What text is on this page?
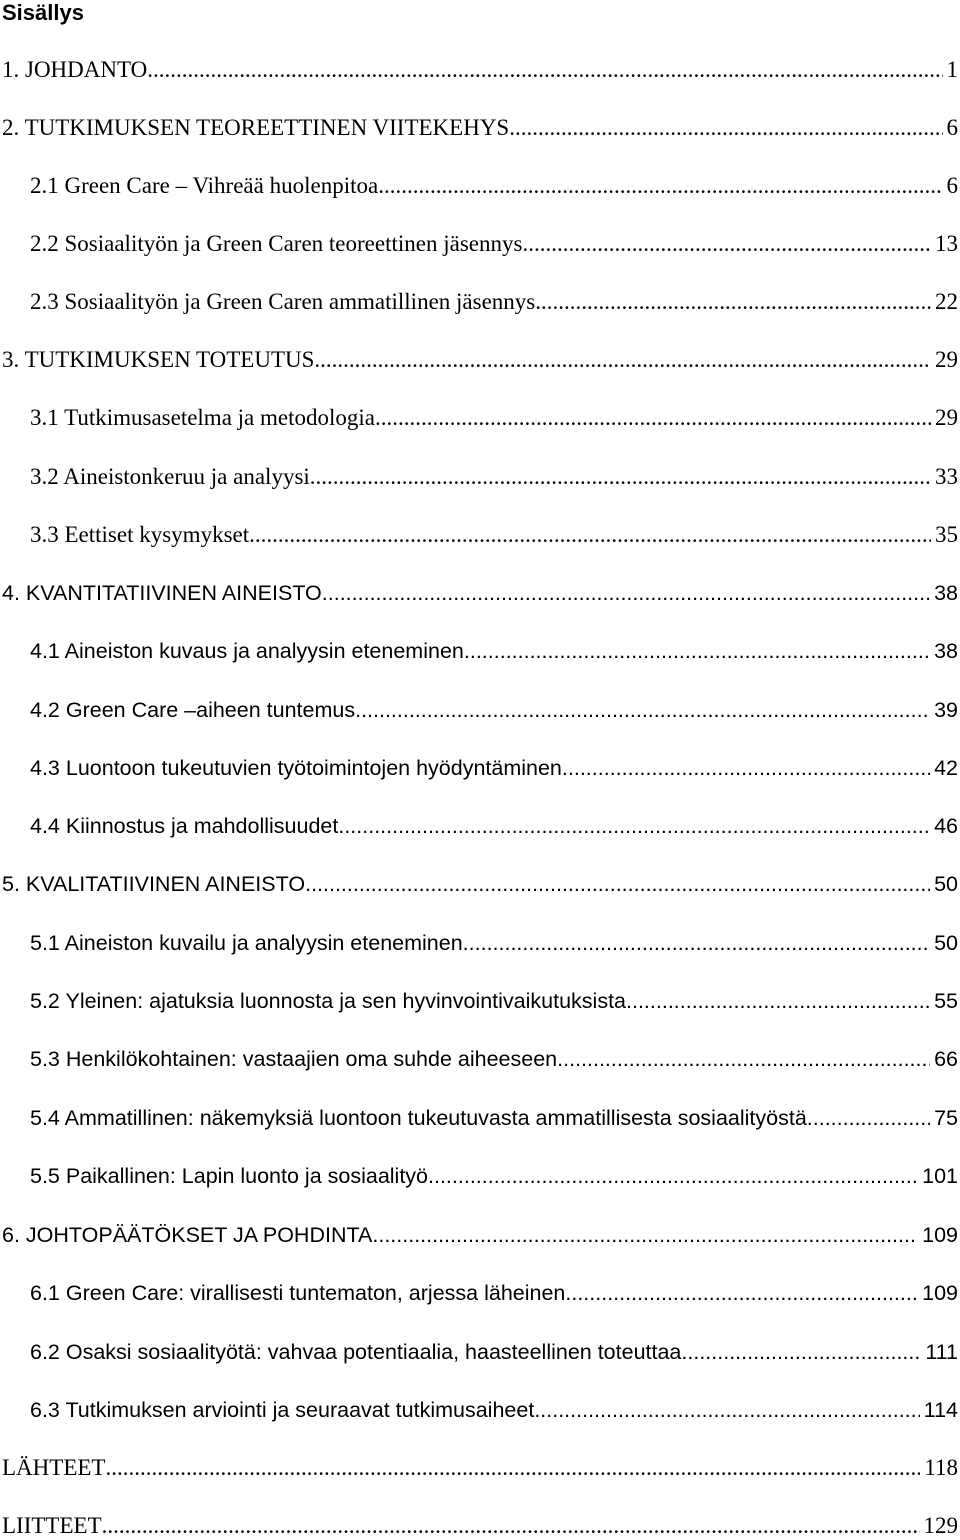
Sisällys
1. JOHDANTO .....	1
2. TUTKIMUKSEN TEOREETTINEN VIITEKEHYS .....	6
2.1 Green Care – Vihreää huolenpitoa .....	6
2.2 Sosiaalityön ja Green Caren teoreettinen jäsennys .....	13
2.3 Sosiaalityön ja Green Caren ammatillinen jäsennys .....	22
3. TUTKIMUKSEN TOTEUTUS .....	29
3.1 Tutkimusasetelma ja metodologia .....	29
3.2 Aineistonkeruu ja analyysi .....	33
3.3 Eettiset kysymykset .....	35
4. KVANTITATIIVINEN AINEISTO .....	38
4.1 Aineiston kuvaus ja analyysin eteneminen .....	38
4.2 Green Care –aiheen tuntemus .....	39
4.3 Luontoon tukeutuvien työtoimintojen hyödyntäminen .....	42
4.4 Kiinnostus ja mahdollisuudet .....	46
5. KVALITATIIVINEN AINEISTO .....	50
5.1 Aineiston kuvailu ja analyysin eteneminen .....	50
5.2 Yleinen: ajatuksia luonnosta ja sen hyvinvointivaikutuksista .....	55
5.3 Henkilökohtainen: vastaajien oma suhde aiheeseen .....	66
5.4 Ammatillinen: näkemyksiä luontoon tukeutuvasta ammatillisesta sosiaalityöstä .....	75
5.5 Paikallinen: Lapin luonto ja sosiaalityö .....	101
6. JOHTOPÄÄTÖKSET JA POHDINTA .....	109
6.1 Green Care: virallisesti tuntematon, arjessa läheinen .....	109
6.2 Osaksi sosiaalityötä: vahvaa potentiaalia, haasteellinen toteuttaa .....	111
6.3 Tutkimuksen arviointi ja seuraavat tutkimusaiheet .....	114
LÄHTEET .....	118
LIITTEET .....	129
